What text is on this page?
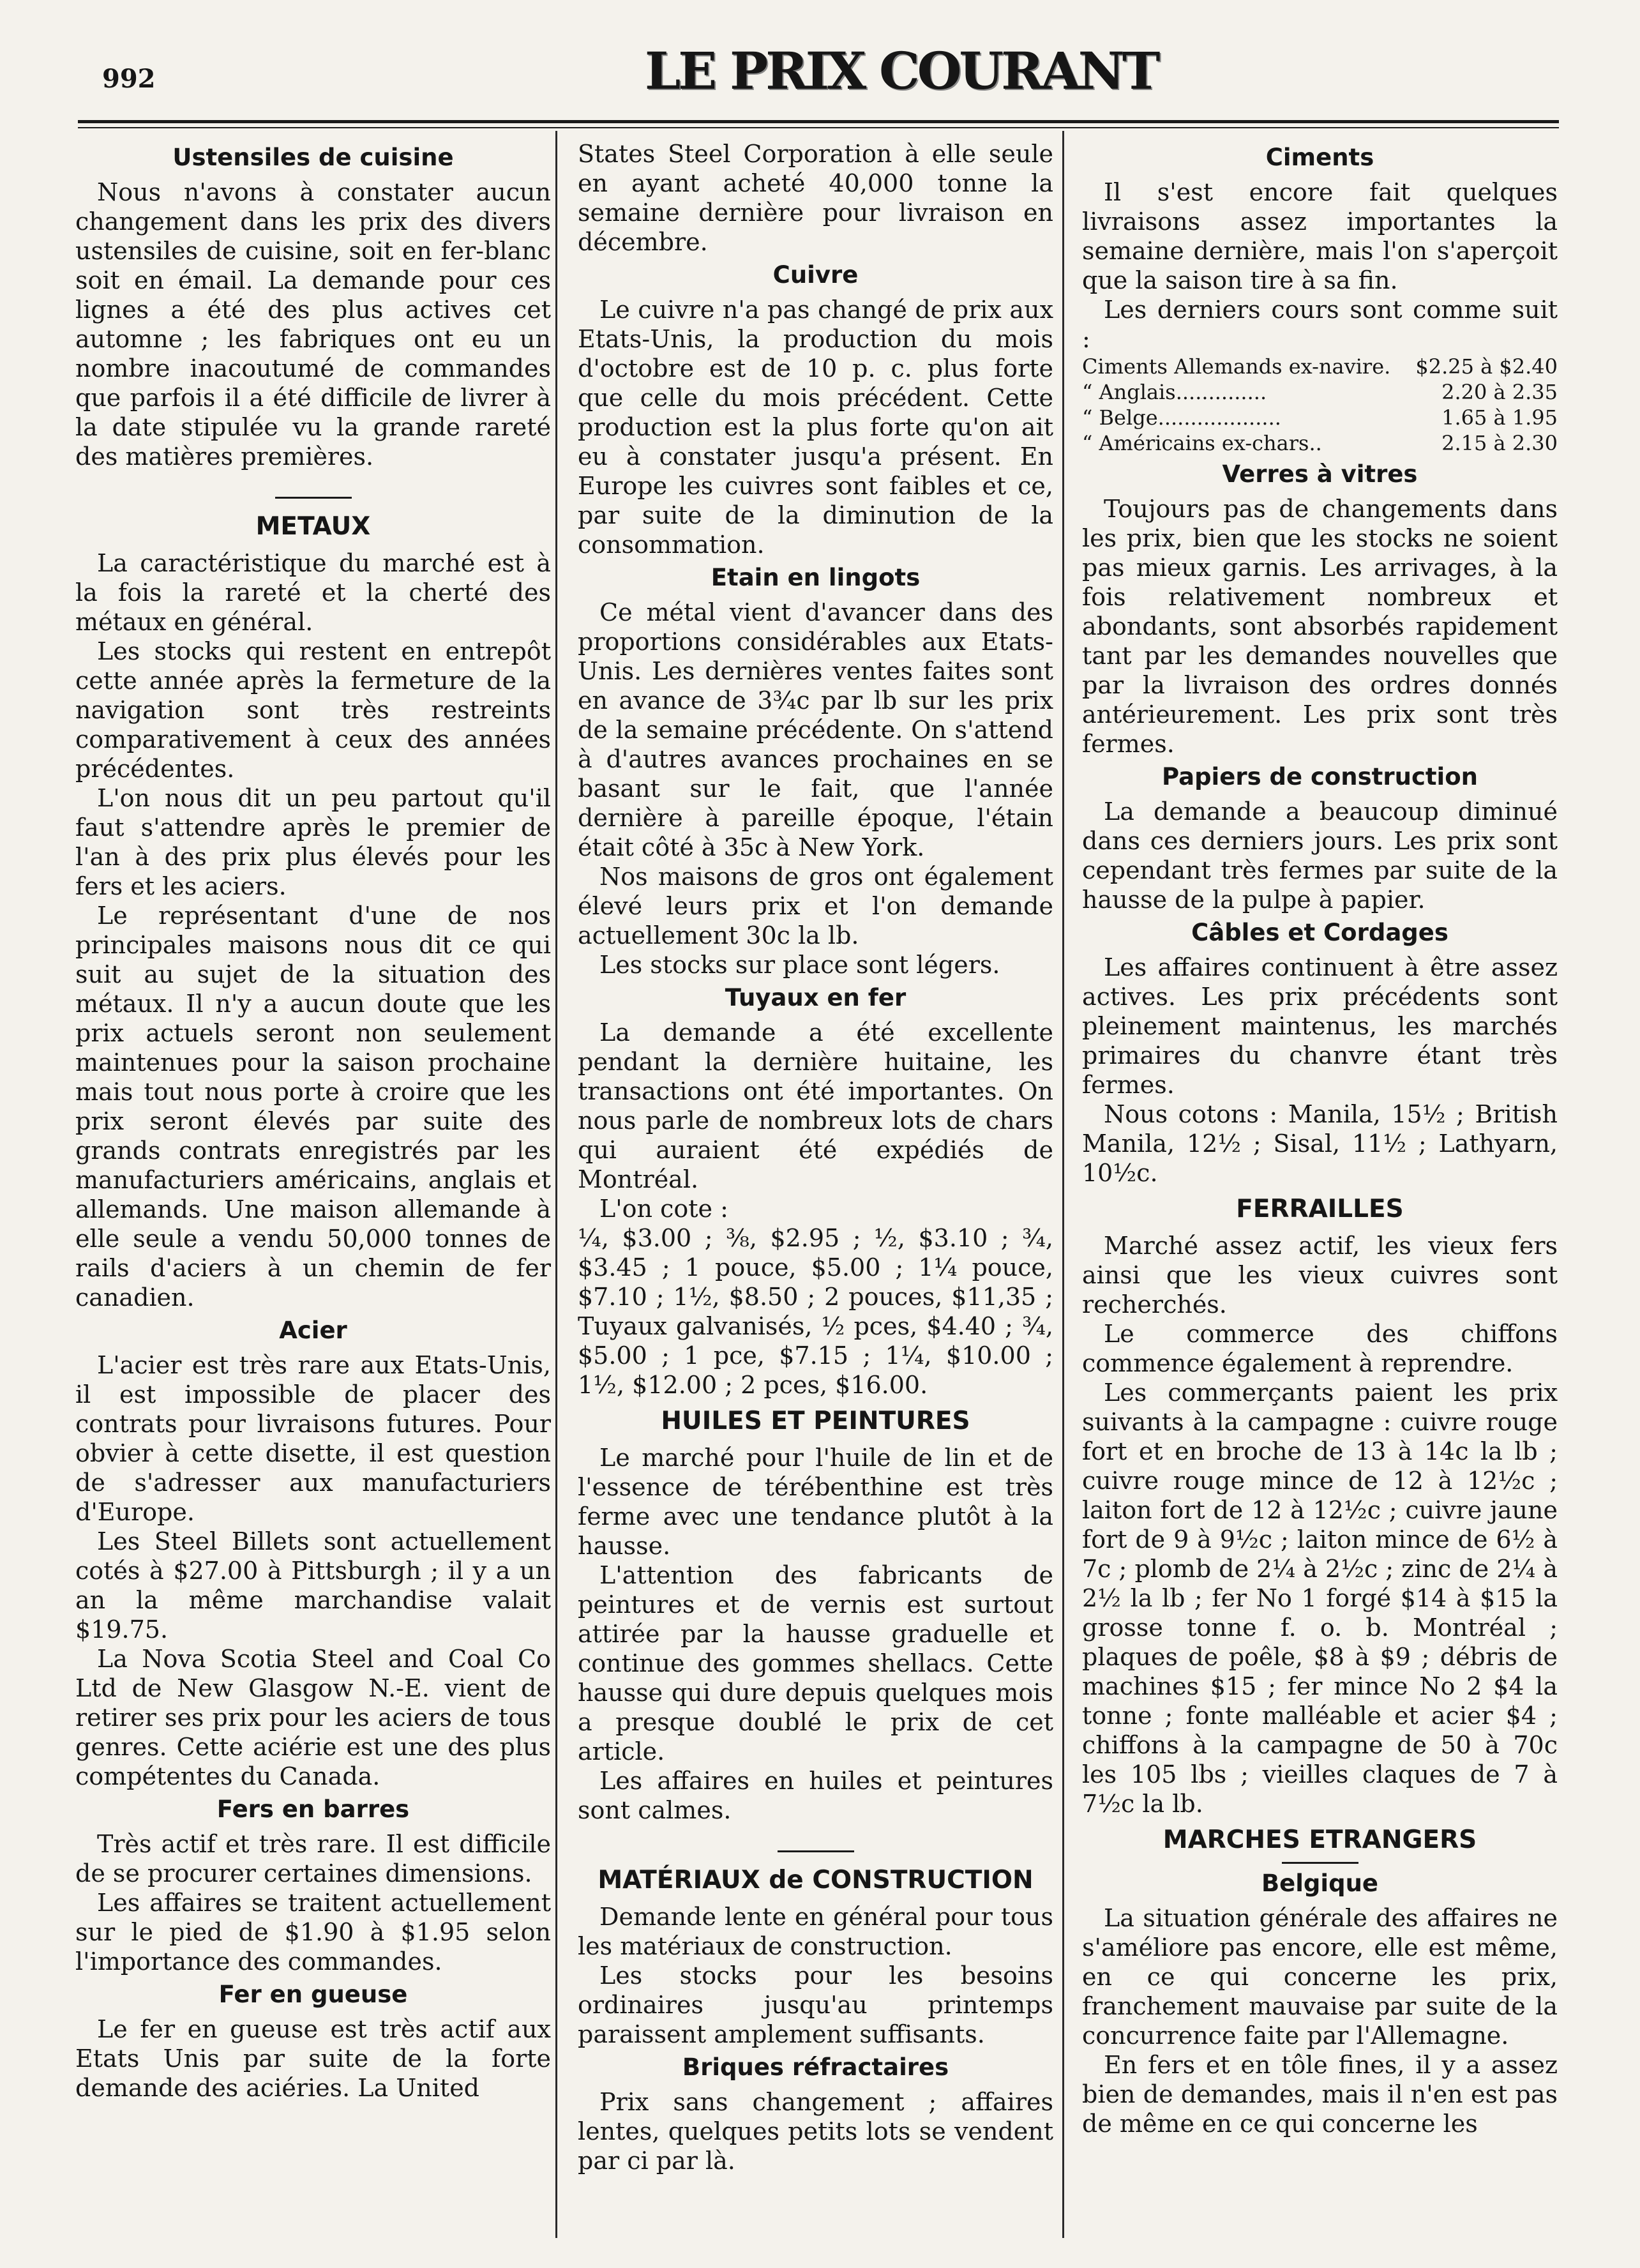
992	LE PRIX COURANT
Ustensiles de cuisine

Nous n'avons à constater aucun changement dans les prix des divers ustensiles de cuisine, soit en fer-blanc soit en émail. La demande pour ces lignes a été des plus actives cet automne ; les fabriques ont eu un nombre inacoutumé de commandes que parfois il a été difficile de livrer à la date stipulée vu la grande rareté des matières premières.

METAUX

La caractéristique du marché est à la fois la rareté et la cherté des métaux en général.

Les stocks qui restent en entrepôt cette année après la fermeture de la navigation sont très restreints comparativement à ceux des années précédentes.

L'on nous dit un peu partout qu'il faut s'attendre après le premier de l'an à des prix plus élevés pour les fers et les aciers.

Le représentant d'une de nos principales maisons nous dit ce qui suit au sujet de la situation des métaux. Il n'y a aucun doute que les prix actuels seront non seulement maintenues pour la saison prochaine mais tout nous porte à croire que les prix seront élevés par suite des grands contrats enregistrés par les manufacturiers américains, anglais et allemands. Une maison allemande à elle seule a vendu 50,000 tonnes de rails d'aciers à un chemin de fer canadien.

Acier

L'acier est très rare aux Etats-Unis, il est impossible de placer des contrats pour livraisons futures. Pour obvier à cette disette, il est question de s'adresser aux manufacturiers d'Europe.

Les Steel Billets sont actuellement cotés à $27.00 à Pittsburgh ; il y a un an la même marchandise valait $19.75.

La Nova Scotia Steel and Coal Co Ltd de New Glasgow N.-E. vient de retirer ses prix pour les aciers de tous genres. Cette aciérie est une des plus compétentes du Canada.

Fers en barres

Très actif et très rare. Il est difficile de se procurer certaines dimensions.

Les affaires se traitent actuellement sur le pied de $1.90 à $1.95 selon l'importance des commandes.

Fer en gueuse

Le fer en gueuse est très actif aux Etats Unis par suite de la forte demande des aciéries. La United

States Steel Corporation à elle seule en ayant acheté 40,000 tonne la semaine dernière pour livraison en décembre.

Cuivre

Le cuivre n'a pas changé de prix aux Etats-Unis, la production du mois d'octobre est de 10 p. c. plus forte que celle du mois précédent. Cette production est la plus forte qu'on ait eu à constater jusqu'a présent. En Europe les cuivres sont faibles et ce, par suite de la diminution de la consommation.

Etain en lingots

Ce métal vient d'avancer dans des proportions considérables aux Etats-Unis. Les dernières ventes faites sont en avance de 3¾c par lb sur les prix de la semaine précédente. On s'attend à d'autres avances prochaines en se basant sur le fait, que l'année dernière à pareille époque, l'étain était côté à 35c à New York.

Nos maisons de gros ont également élevé leurs prix et l'on demande actuellement 30c la lb.

Les stocks sur place sont légers.

Tuyaux en fer

La demande a été excellente pendant la dernière huitaine, les transactions ont été importantes. On nous parle de nombreux lots de chars qui auraient été expédiés de Montréal.

L'on cote :

¼, $3.00 ; ⅜, $2.95 ; ½, $3.10 ; ¾, $3.45 ; 1 pouce, $5.00 ; 1¼ pouce, $7.10 ; 1½, $8.50 ; 2 pouces, $11,35 ; Tuyaux galvanisés, ½ pces, $4.40 ; ¾, $5.00 ; 1 pce, $7.15 ; 1¼, $10.00 ; 1½, $12.00 ; 2 pces, $16.00.

HUILES ET PEINTURES

Le marché pour l'huile de lin et de l'essence de térébenthine est très ferme avec une tendance plutôt à la hausse.

L'attention des fabricants de peintures et de vernis est surtout attirée par la hausse graduelle et continue des gommes shellacs. Cette hausse qui dure depuis quelques mois a presque doublé le prix de cet article.

Les affaires en huiles et peintures sont calmes.

MATÉRIAUX de CONSTRUCTION

Demande lente en général pour tous les matériaux de construction.

Les stocks pour les besoins ordinaires jusqu'au printemps paraissent amplement suffisants.

Briques réfractaires

Prix sans changement ; affaires lentes, quelques petits lots se vendent par ci par là.

Ciments

Il s'est encore fait quelques livraisons assez importantes la semaine dernière, mais l'on s'aperçoit que la saison tire à sa fin.

Les derniers cours sont comme suit :

Ciments Allemands ex-navire.	$2.25 à $2.40
“ Anglais..............	2.20 à 2.35
“ Belge...................	1.65 à 1.95
“ Américains ex-chars..	2.15 à 2.30
Verres à vitres

Toujours pas de changements dans les prix, bien que les stocks ne soient pas mieux garnis. Les arrivages, à la fois relativement nombreux et abondants, sont absorbés rapidement tant par les demandes nouvelles que par la livraison des ordres donnés antérieurement. Les prix sont très fermes.

Papiers de construction

La demande a beaucoup diminué dans ces derniers jours. Les prix sont cependant très fermes par suite de la hausse de la pulpe à papier.

Câbles et Cordages

Les affaires continuent à être assez actives. Les prix précédents sont pleinement maintenus, les marchés primaires du chanvre étant très fermes.

Nous cotons : Manila, 15½ ; British Manila, 12½ ; Sisal, 11½ ; Lathyarn, 10½c.

FERRAILLES

Marché assez actif, les vieux fers ainsi que les vieux cuivres sont recherchés.

Le commerce des chiffons commence également à reprendre.

Les commerçants paient les prix suivants à la campagne : cuivre rouge fort et en broche de 13 à 14c la lb ; cuivre rouge mince de 12 à 12½c ; laiton fort de 12 à 12½c ; cuivre jaune fort de 9 à 9½c ; laiton mince de 6½ à 7c ; plomb de 2¼ à 2½c ; zinc de 2¼ à 2½ la lb ; fer No 1 forgé $14 à $15 la grosse tonne f. o. b. Montréal ; plaques de poêle, $8 à $9 ; débris de machines $15 ; fer mince No 2 $4 la tonne ; fonte malléable et acier $4 ; chiffons à la campagne de 50 à 70c les 105 lbs ; vieilles claques de 7 à 7½c la lb.

MARCHES ETRANGERS
Belgique

La situation générale des affaires ne s'améliore pas encore, elle est même, en ce qui concerne les prix, franchement mauvaise par suite de la concurrence faite par l'Allemagne.

En fers et en tôle fines, il y a assez bien de demandes, mais il n'en est pas de même en ce qui concerne les
